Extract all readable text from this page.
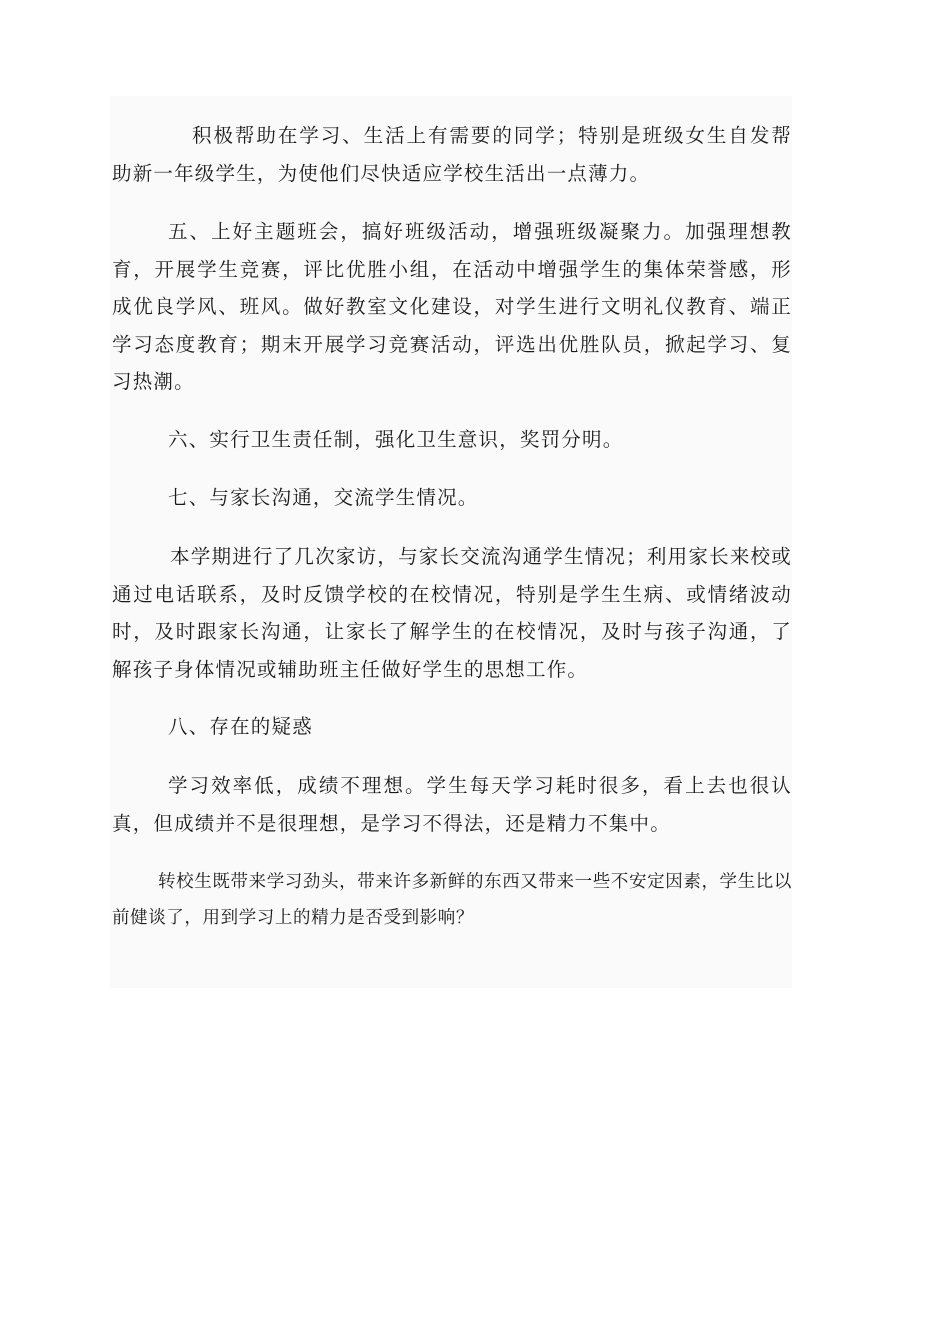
积极帮助在学习、生活上有需要的同学；特别是班级女生自发帮助新一年级学生，为使他们尽快适应学校生活出一点薄力。

五、上好主题班会，搞好班级活动，增强班级凝聚力。加强理想教育，开展学生竞赛，评比优胜小组，在活动中增强学生的集体荣誉感，形成优良学风、班风。做好教室文化建设，对学生进行文明礼仪教育、端正学习态度教育；期末开展学习竞赛活动，评选出优胜队员，掀起学习、复习热潮。

六、实行卫生责任制，强化卫生意识，奖罚分明。

七、与家长沟通，交流学生情况。

本学期进行了几次家访，与家长交流沟通学生情况；利用家长来校或通过电话联系，及时反馈学校的在校情况，特别是学生生病、或情绪波动时，及时跟家长沟通，让家长了解学生的在校情况，及时与孩子沟通，了解孩子身体情况或辅助班主任做好学生的思想工作。

八、存在的疑惑

学习效率低，成绩不理想。学生每天学习耗时很多，看上去也很认真，但成绩并不是很理想，是学习不得法，还是精力不集中。

转校生既带来学习劲头，带来许多新鲜的东西又带来一些不安定因素，学生比以前健谈了，用到学习上的精力是否受到影响？
